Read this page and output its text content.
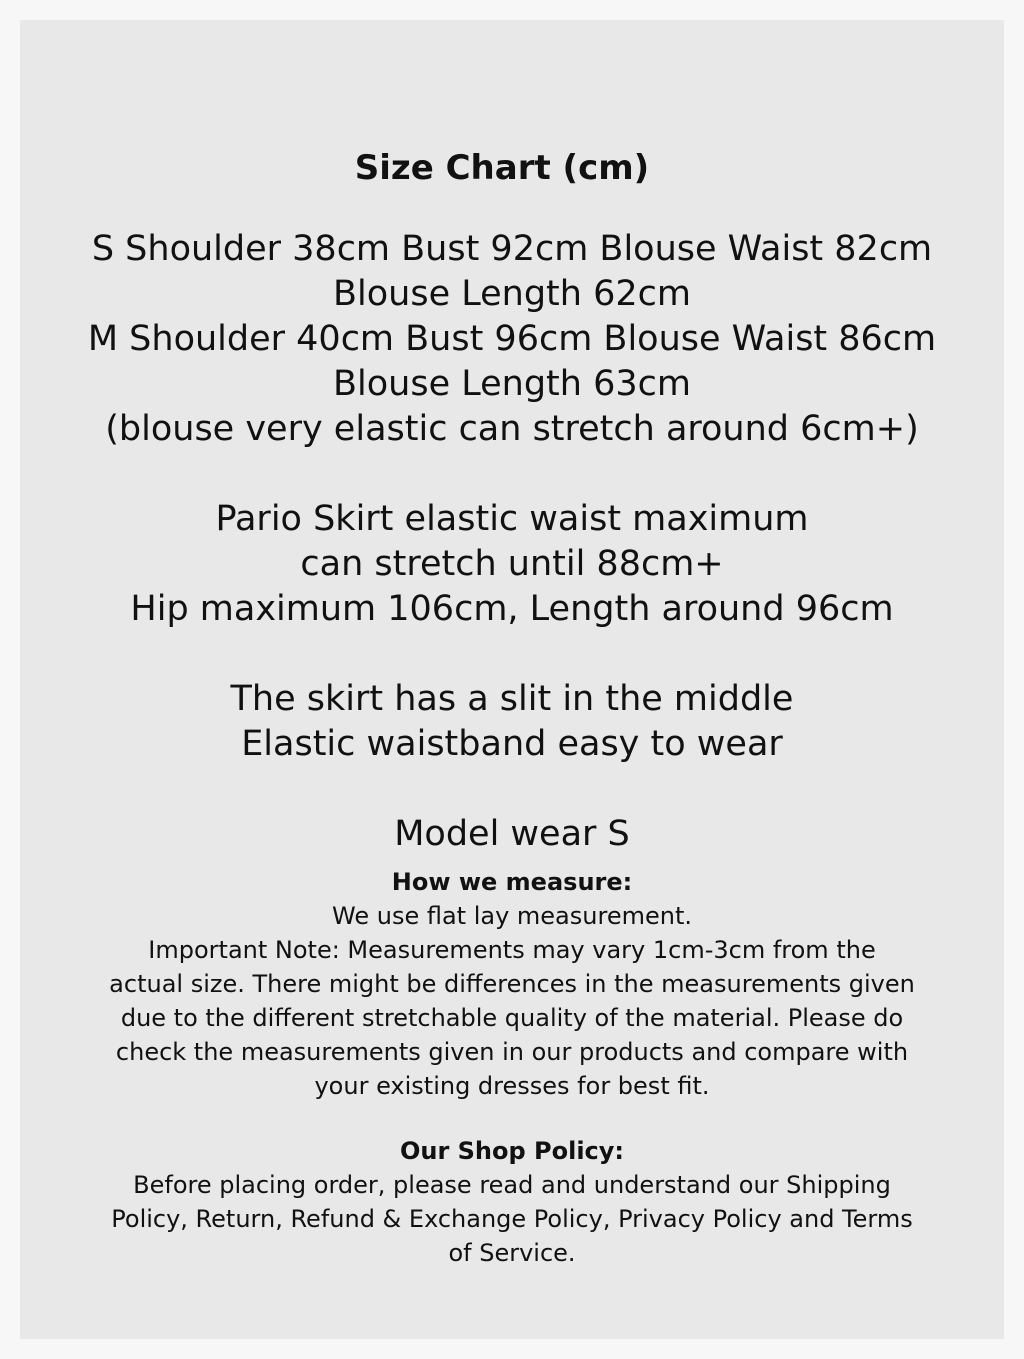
Size Chart (cm)
S Shoulder 38cm Bust 92cm Blouse Waist 82cm
Blouse Length 62cm
M Shoulder 40cm Bust 96cm Blouse Waist 86cm
Blouse Length 63cm
(blouse very elastic can stretch around 6cm+)
Pario Skirt elastic waist maximum
can stretch until 88cm+
Hip maximum 106cm, Length around 96cm
The skirt has a slit in the middle
Elastic waistband easy to wear
Model wear S
How we measure:
We use flat lay measurement.
Important Note: Measurements may vary 1cm-3cm from the
actual size. There might be differences in the measurements given
due to the different stretchable quality of the material. Please do
check the measurements given in our products and compare with
your existing dresses for best fit.
Our Shop Policy:
Before placing order, please read and understand our Shipping
Policy, Return, Refund & Exchange Policy, Privacy Policy and Terms
of Service.
